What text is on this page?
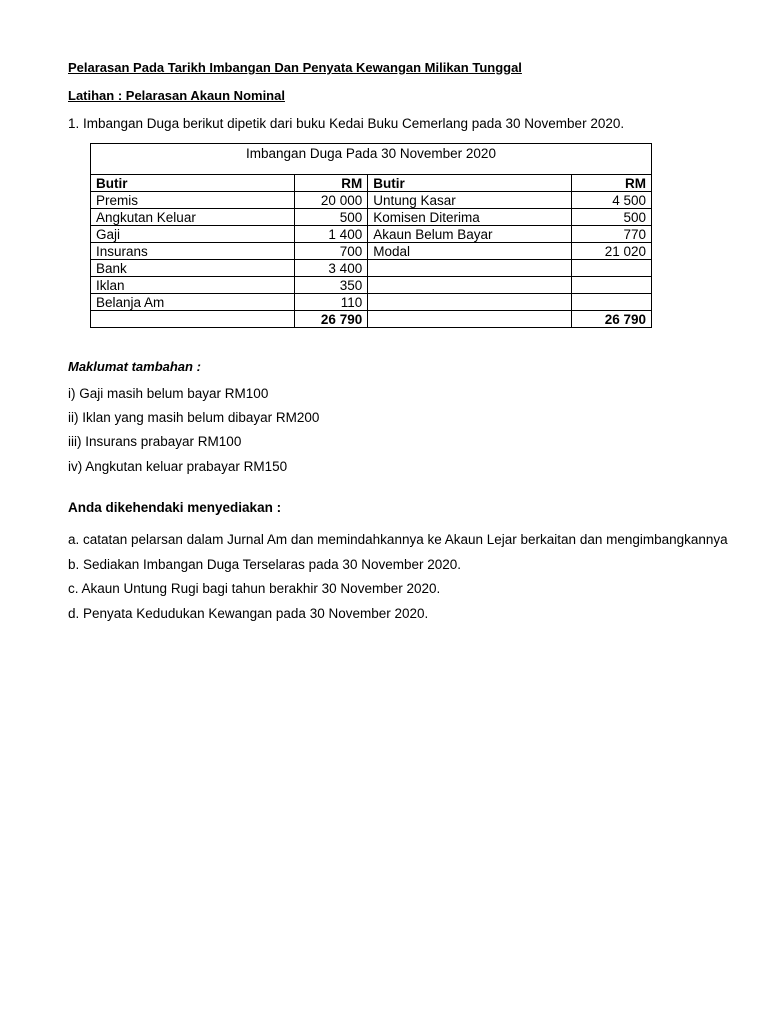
Pelarasan Pada Tarikh Imbangan Dan Penyata Kewangan Milikan Tunggal
Latihan : Pelarasan Akaun Nominal
1. Imbangan Duga berikut dipetik dari buku Kedai Buku Cemerlang pada 30 November 2020.
Imbangan Duga Pada 30 November 2020
Butir	RM	Butir	RM
Premis	20 000	Untung Kasar	4 500
Angkutan Keluar	500	Komisen Diterima	500
Gaji	1 400	Akaun Belum Bayar	770
Insurans	700	Modal	21 020
Bank	3 400		
Iklan	350		
Belanja Am	110		
	26 790		26 790
Maklumat tambahan :
i) Gaji masih belum bayar RM100
ii) Iklan yang masih belum dibayar RM200
iii) Insurans prabayar RM100
iv) Angkutan keluar prabayar RM150
Anda dikehendaki menyediakan :
a. catatan pelarsan dalam Jurnal Am dan memindahkannya ke Akaun Lejar berkaitan dan mengimbangkannya
b. Sediakan Imbangan Duga Terselaras pada 30 November 2020.
c. Akaun Untung Rugi bagi tahun berakhir 30 November 2020.
d. Penyata Kedudukan Kewangan pada 30 November 2020.
